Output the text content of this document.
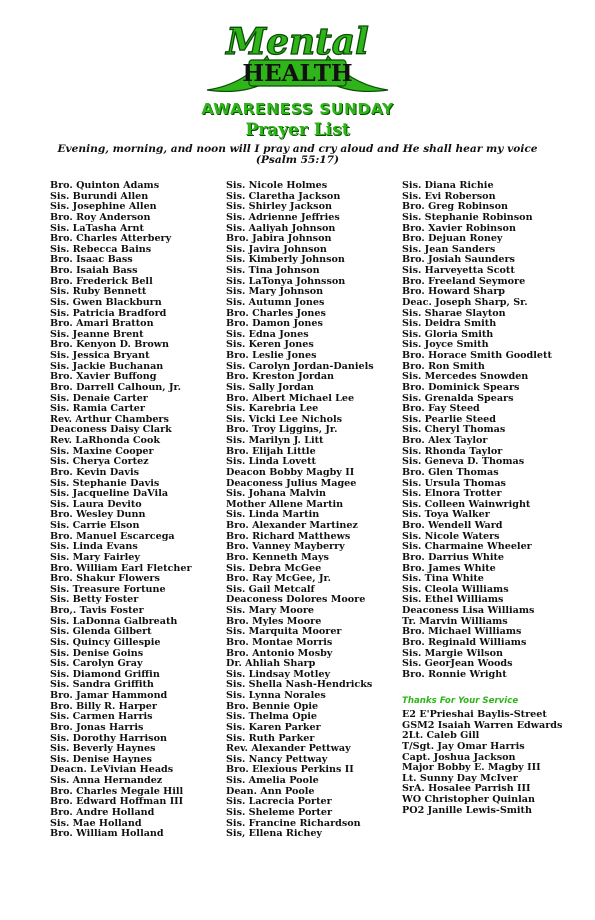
Mental
HEALTH
AWARENESS SUNDAY
Prayer List
Evening, morning, and noon will I pray and cry aloud and He shall hear my voice
(Psalm 55:17)
Bro. Quinton Adams
Sis. Burundi Allen
Sis. Josephine Allen
Bro. Roy Anderson
Sis. LaTasha Arnt
Bro. Charles Atterbery
Sis. Rebecca Bains
Bro. Isaac Bass
Bro. Isaiah Bass
Bro. Frederick Bell
Sis. Ruby Bennett
Sis. Gwen Blackburn
Sis. Patricia Bradford
Bro. Amari Bratton
Sis. Jeanne Brent
Bro. Kenyon D. Brown
Sis. Jessica Bryant
Sis. Jackie Buchanan
Bro. Xavier Buffong
Bro. Darrell Calhoun, Jr.
Sis. Denaie Carter
Sis. Ramia Carter
Rev. Arthur Chambers
Deaconess Daisy Clark
Rev. LaRhonda Cook
Sis. Maxine Cooper
Sis. Cherya Cortez
Bro. Kevin Davis
Sis. Stephanie Davis
Sis. Jacqueline DaVila
Sis. Laura Devito
Bro. Wesley Dunn
Sis. Carrie Elson
Bro. Manuel Escarcega
Sis. Linda Evans
Sis. Mary Fairley
Bro. William Earl Fletcher
Bro. Shakur Flowers
Sis. Treasure Fortune
Sis. Betty Foster
Bro,. Tavis Foster
Sis. LaDonna Galbreath
Sis. Glenda Gilbert
Sis. Quincy Gillespie
Sis. Denise Goins
Sis. Carolyn Gray
Sis. Diamond Griffin
Sis. Sandra Griffith
Bro. Jamar Hammond
Bro. Billy R. Harper
Sis. Carmen Harris
Bro. Jonas Harris
Sis. Dorothy Harrison
Sis. Beverly Haynes
Sis. Denise Haynes
Deacn. LeVivian Heads
Sis. Anna Hernandez
Bro. Charles Megale Hill
Bro. Edward Hoffman III
Bro. Andre Holland
Sis. Mae Holland
Bro. William Holland
Sis. Nicole Holmes
Sis. Claretha Jackson
Sis. Shirley Jackson
Sis. Adrienne Jeffries
Sis. Aaliyah Johnson
Bro. Jabira Johnson
Sis. Javira Johnson
Sis. Kimberly Johnson
Sis. Tina Johnson
Sis. LaTonya Johnsson
Sis. Mary Johnson
Sis. Autumn Jones
Bro. Charles Jones
Bro. Damon Jones
Sis. Edna Jones
Sis. Keren Jones
Bro. Leslie Jones
Sis. Carolyn Jordan-Daniels
Bro. Kreston Jordan
Sis. Sally Jordan
Bro. Albert Michael Lee
Sis. Karebria Lee
Sis. Vicki Lee Nichols
Bro. Troy Liggins, Jr.
Sis. Marilyn J. Litt
Bro. Elijah Little
Sis. Linda Lovett
Deacon Bobby Magby II
Deaconess Julius Magee
Sis. Johana Malvin
Mother Allene Martin
Sis. Linda Martin
Bro. Alexander Martinez
Bro. Richard Matthews
Bro. Vanney Mayberry
Bro. Kenneth Mays
Sis. Debra McGee
Bro. Ray McGee, Jr.
Sis. Gail Metcalf
Deaconess Dolores Moore
Sis. Mary Moore
Bro. Myles Moore
Sis. Marquita Moorer
Bro. Montae Morris
Bro. Antonio Mosby
Dr. Ahliah Sharp
Sis. Lindsay Motley
Sis. Shella Nash-Hendricks
Sis. Lynna Norales
Bro. Bennie Opie
Sis. Thelma Opie
Sis. Karen Parker
Sis. Ruth Parker
Rev. Alexander Pettway
Sis. Nancy Pettway
Bro. Elexious Perkins II
Sis. Amelia Poole
Dean. Ann Poole
Sis. Lacrecia Porter
Sis. Sheleme Porter
Sis. Francine Richardson
Sis, Ellena Richey
Sis. Diana Richie
Sis. Evi Roberson
Bro. Greg Robinson
Sis. Stephanie Robinson
Bro. Xavier Robinson
Bro. Dejuan Roney
Sis. Jean Sanders
Bro. Josiah Saunders
Sis. Harveyetta Scott
Bro. Freeland Seymore
Bro. Howard Sharp
Deac. Joseph Sharp, Sr.
Sis. Sharae Slayton
Sis. Deidra Smith
Sis. Gloria Smith
Sis. Joyce Smith
Bro. Horace Smith Goodlett
Bro. Ron Smith
Sis. Mercedes Snowden
Bro. Dominick Spears
Sis. Grenalda Spears
Bro. Fay Steed
Sis. Pearlie Steed
Sis. Cheryl Thomas
Bro. Alex Taylor
Sis. Rhonda Taylor
Sis. Geneva D. Thomas
Bro. Glen Thomas
Sis. Ursula Thomas
Sis. Elnora Trotter
Sis. Colleen Wainwright
Sis. Toya Walker
Bro. Wendell Ward
Sis. Nicole Waters
Sis. Charmaine Wheeler
Bro. Darrius White
Bro. James White
Sis. Tina White
Sis. Cleola Williams
Sis. Ethel Williams
Deaconess Lisa Williams
Tr. Marvin Williams
Bro. Michael Williams
Bro. Reginald Williams
Sis. Margie Wilson
Sis. GeorJean Woods
Bro. Ronnie Wright
Thanks For Your Service
E2 E'Prieshai Baylis-Street
GSM2 Isaiah Warren Edwards
2Lt. Caleb Gill
T/Sgt. Jay Omar Harris
Capt. Joshua Jackson
Major Bobby E. Magby III
Lt. Sunny Day McIver
SrA. Hosalee Parrish III
WO Christopher Quinlan
PO2 Janille Lewis-Smith
